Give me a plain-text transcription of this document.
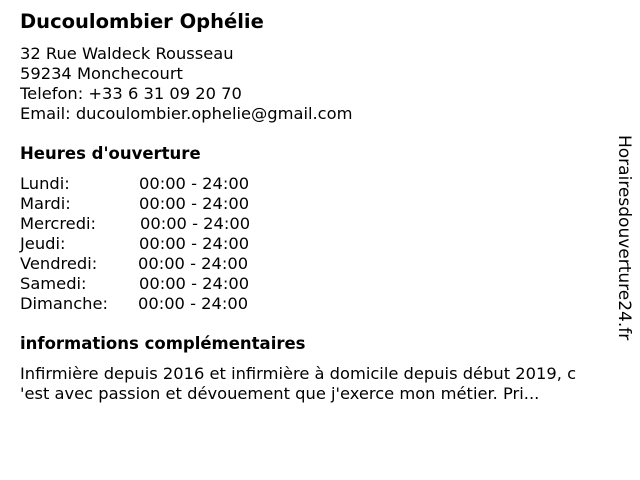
Ducoulombier Ophélie
32 Rue Waldeck Rousseau
59234 Monchecourt
Telefon: +33 6 31 09 20 70
Email: ducoulombier.ophelie@gmail.com
Heures d'ouverture
Lundi:	00:00 - 24:00
Mardi:	00:00 - 24:00
Mercredi:	00:00 - 24:00
Jeudi:	00:00 - 24:00
Vendredi:	00:00 - 24:00
Samedi:	00:00 - 24:00
Dimanche: 00:00 - 24:00
informations complémentaires
Infirmière depuis 2016 et infirmière à domicile depuis début 2019, c
'est avec passion et dévouement que j'exerce mon métier. Pri...
Horairesdouverture24.fr
